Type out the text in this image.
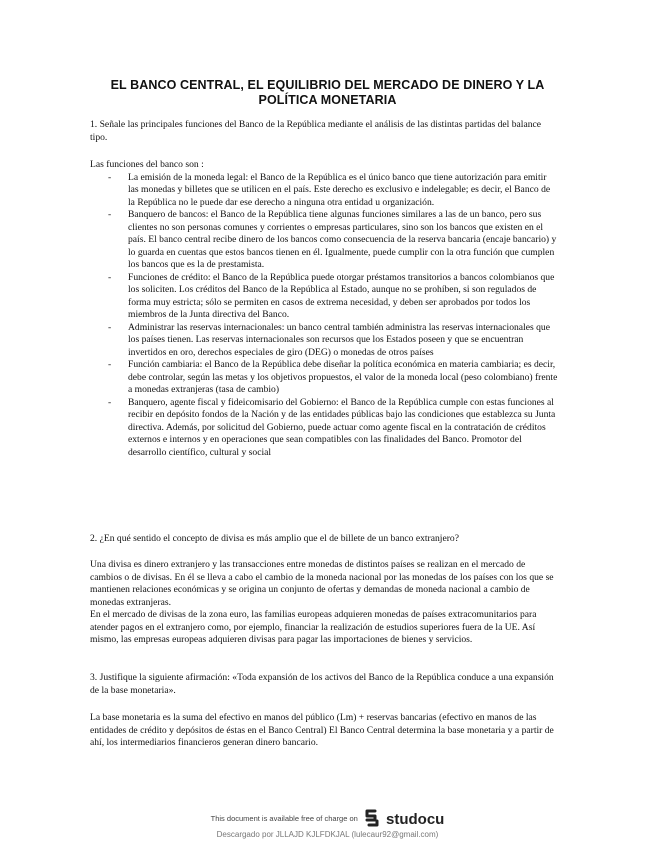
EL BANCO CENTRAL, EL EQUILIBRIO DEL MERCADO DE DINERO Y LA POLÍTICA MONETARIA

1. Señale las principales funciones del Banco de la República mediante el análisis de las distintas partidas del balance tipo.

Las funciones del banco son :

- La emisión de la moneda legal: el Banco de la República es el único banco que tiene autorización para emitir las monedas y billetes que se utilicen en el país. Este derecho es exclusivo e indelegable; es decir, el Banco de la República no le puede dar ese derecho a ninguna otra entidad u organización.
- Banquero de bancos: el Banco de la República tiene algunas funciones similares a las de un banco, pero sus clientes no son personas comunes y corrientes o empresas particulares, sino son los bancos que existen en el país. El banco central recibe dinero de los bancos como consecuencia de la reserva bancaria (encaje bancario) y lo guarda en cuentas que estos bancos tienen en él. Igualmente, puede cumplir con la otra función que cumplen los bancos que es la de prestamista.
- Funciones de crédito: el Banco de la República puede otorgar préstamos transitorios a bancos colombianos que los soliciten. Los créditos del Banco de la República al Estado, aunque no se prohíben, si son regulados de forma muy estricta; sólo se permiten en casos de extrema necesidad, y deben ser aprobados por todos los miembros de la Junta directiva del Banco.
- Administrar las reservas internacionales: un banco central también administra las reservas internacionales que los países tienen. Las reservas internacionales son recursos que los Estados poseen y que se encuentran invertidos en oro, derechos especiales de giro (DEG) o monedas de otros países
- Función cambiaria: el Banco de la República debe diseñar la política económica en materia cambiaria; es decir, debe controlar, según las metas y los objetivos propuestos, el valor de la moneda local (peso colombiano) frente a monedas extranjeras (tasa de cambio)
- Banquero, agente fiscal y fideicomisario del Gobierno: el Banco de la República cumple con estas funciones al recibir en depósito fondos de la Nación y de las entidades públicas bajo las condiciones que establezca su Junta directiva. Además, por solicitud del Gobierno, puede actuar como agente fiscal en la contratación de créditos externos e internos y en operaciones que sean compatibles con las finalidades del Banco. Promotor del desarrollo científico, cultural y social

2. ¿En qué sentido el concepto de divisa es más amplio que el de billete de un banco extranjero?

Una divisa es dinero extranjero y las transacciones entre monedas de distintos países se realizan en el mercado de cambios o de divisas. En él se lleva a cabo el cambio de la moneda nacional por las monedas de los países con los que se mantienen relaciones económicas y se origina un conjunto de ofertas y demandas de moneda nacional a cambio de monedas extranjeras.

En el mercado de divisas de la zona euro, las familias europeas adquieren monedas de países extracomunitarios para atender pagos en el extranjero como, por ejemplo, financiar la realización de estudios superiores fuera de la UE. Así mismo, las empresas europeas adquieren divisas para pagar las importaciones de bienes y servicios.

3. Justifique la siguiente afirmación: «Toda expansión de los activos del Banco de la República conduce a una expansión de la base monetaria».

La base monetaria es la suma del efectivo en manos del público (Lm) + reservas bancarias (efectivo en manos de las entidades de crédito y depósitos de éstas en el Banco Central) El Banco Central determina la base monetaria y a partir de ahí, los intermediarios financieros generan dinero bancario.

This document is available free of charge on studocu
Descargado por JLLAJD KJLFDKJAL (lulecaur92@gmail.com)
